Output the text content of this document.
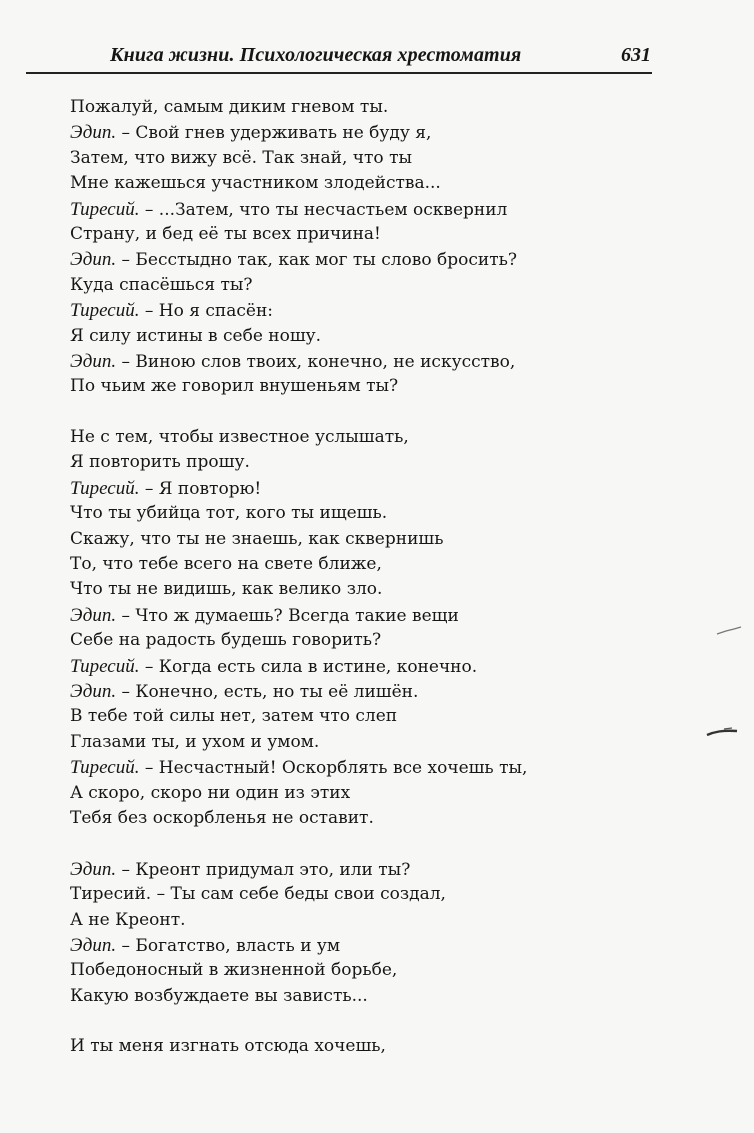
Книга жизни. Психологическая хрестоматия	631
Пожалуй, самым диким гневом ты.
Эдип. – Свой гнев удерживать не буду я,
Затем, что вижу всё. Так знай, что ты
Мне кажешься участником злодейства...
Тиресий. – ...Затем, что ты несчастьем осквернил
Страну, и бед её ты всех причина!
Эдип. – Бесстыдно так, как мог ты слово бросить?
Куда спасёшься ты?
Тиресий. – Но я спасён:
Я силу истины в себе ношу.
Эдип. – Виною слов твоих, конечно, не искусство,
По чьим же говорил внушеньям ты?
Не с тем, чтобы известное услышать,
Я повторить прошу.
Тиресий. – Я повторю!
Что ты убийца тот, кого ты ищешь.
Скажу, что ты не знаешь, как сквернишь
То, что тебе всего на свете ближе,
Что ты не видишь, как велико зло.
Эдип. – Что ж думаешь? Всегда такие вещи
Себе на радость будешь говорить?
Тиресий. – Когда есть сила в истине, конечно.
Эдип. – Конечно, есть, но ты её лишён.
В тебе той силы нет, затем что слеп
Глазами ты, и ухом и умом.
Тиресий. – Несчастный! Оскорблять все хочешь ты,
А скоро, скоро ни один из этих
Тебя без оскорбленья не оставит.
Эдип. – Креонт придумал это, или ты?
Тиресий. – Ты сам себе беды свои создал,
А не Креонт.
Эдип. – Богатство, власть и ум
Победоносный в жизненной борьбе,
Какую возбуждаете вы зависть...
И ты меня изгнать отсюда хочешь,
